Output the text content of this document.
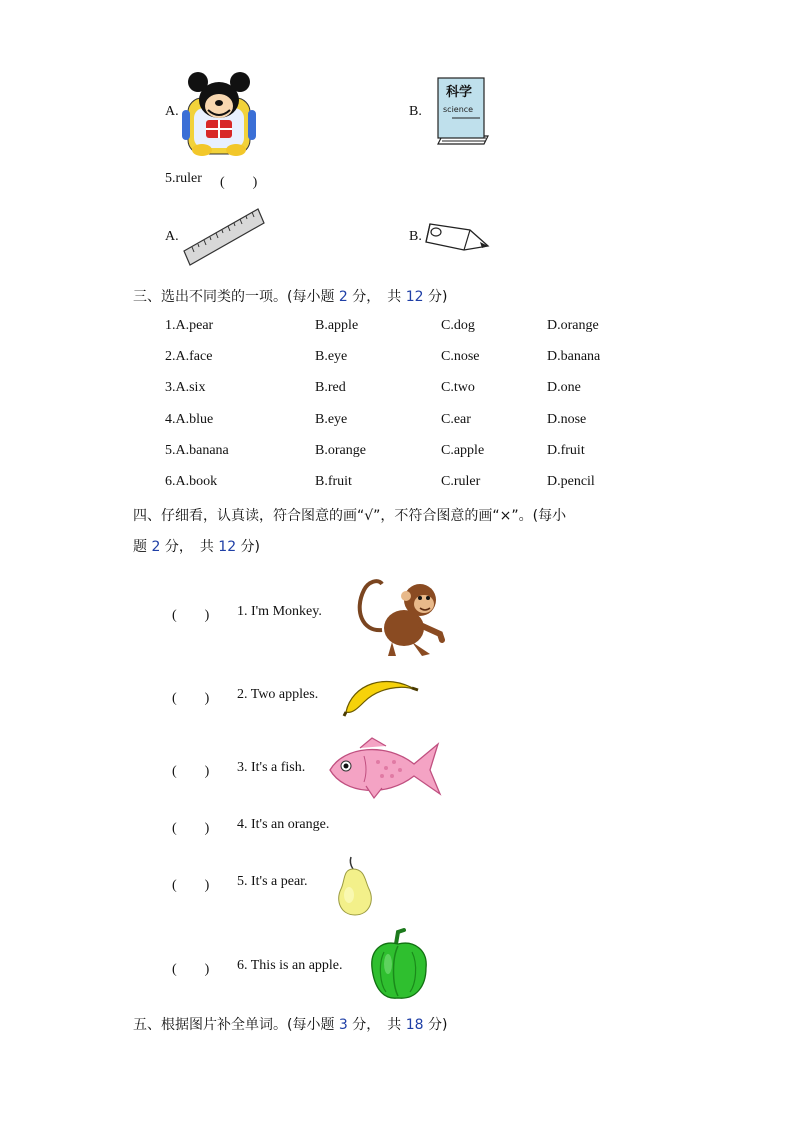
A.	B.
科学
science
5.ruler (　　)
A.	B.
三、选出不同类的一项。(每小题 2 分，　共 12 分)
1.A.pear	B.apple	C.dog	D.orange
2.A.face	B.eye	C.nose	D.banana
3.A.six	B.red	C.two	D.one
4.A.blue	B.eye	C.ear	D.nose
5.A.banana	B.orange	C.apple	D.fruit
6.A.book	B.fruit	C.ruler	D.pencil
四、仔细看，认真读，符合图意的画“√”，不符合图意的画“×”。(每小
题 2 分，　共 12 分)
(　　) 1. I'm Monkey.
(　　) 2. Two apples.
(　　) 3. It's a fish.
(　　) 4. It's an orange.
(　　) 5. It's a pear.
(　　) 6. This is an apple.
五、根据图片补全单词。(每小题 3 分，　共 18 分)
